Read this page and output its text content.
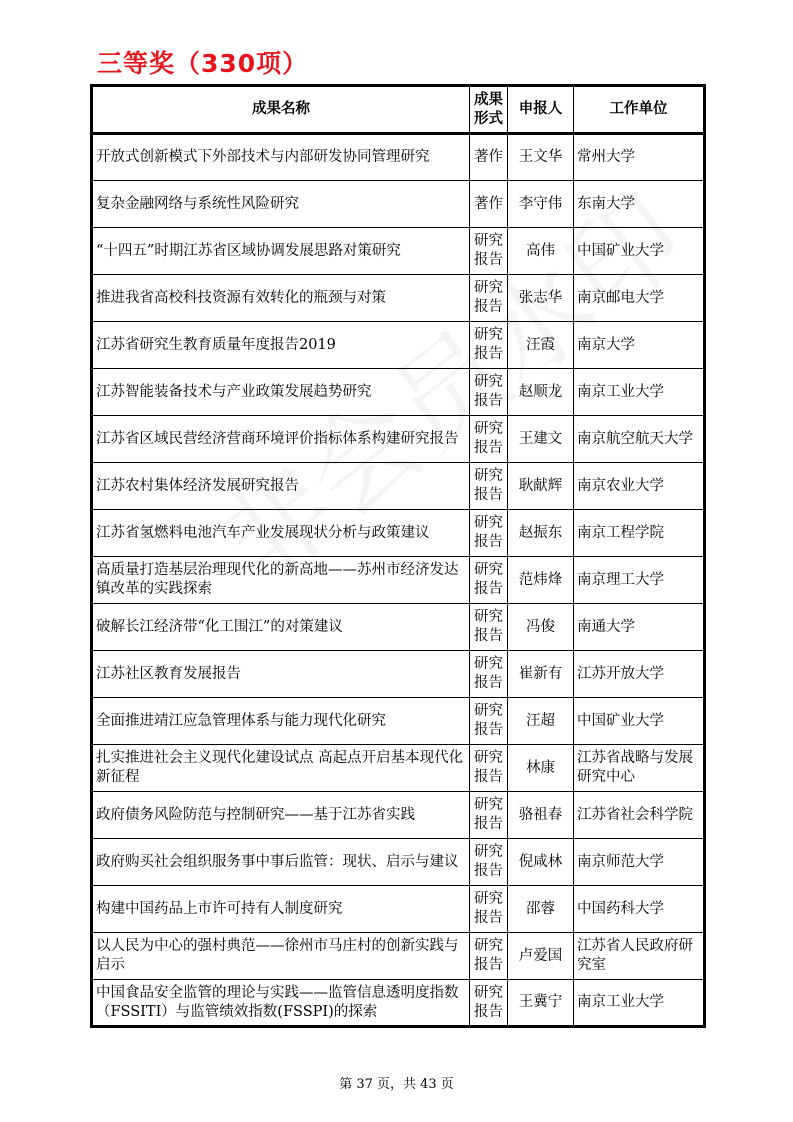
三等奖（330项）
成果名称	成果形式	申报人	工作单位
开放式创新模式下外部技术与内部研发协同管理研究	著作	王文华	常州大学
复杂金融网络与系统性风险研究	著作	李守伟	东南大学
“十四五”时期江苏省区域协调发展思路对策研究	研究报告	高伟	中国矿业大学
推进我省高校科技资源有效转化的瓶颈与对策	研究报告	张志华	南京邮电大学
江苏省研究生教育质量年度报告2019	研究报告	汪霞	南京大学
江苏智能装备技术与产业政策发展趋势研究	研究报告	赵顺龙	南京工业大学
江苏省区域民营经济营商环境评价指标体系构建研究报告	研究报告	王建文	南京航空航天大学
江苏农村集体经济发展研究报告	研究报告	耿献辉	南京农业大学
江苏省氢燃料电池汽车产业发展现状分析与政策建议	研究报告	赵振东	南京工程学院
高质量打造基层治理现代化的新高地——苏州市经济发达镇改革的实践探索	研究报告	范炜烽	南京理工大学
破解长江经济带“化工围江”的对策建议	研究报告	冯俊	南通大学
江苏社区教育发展报告	研究报告	崔新有	江苏开放大学
全面推进靖江应急管理体系与能力现代化研究	研究报告	汪超	中国矿业大学
扎实推进社会主义现代化建设试点 高起点开启基本现代化新征程	研究报告	林康	江苏省战略与发展研究中心
政府债务风险防范与控制研究——基于江苏省实践	研究报告	骆祖春	江苏省社会科学院
政府购买社会组织服务事中事后监管：现状、启示与建议	研究报告	倪咸林	南京师范大学
构建中国药品上市许可持有人制度研究	研究报告	邵蓉	中国药科大学
以人民为中心的强村典范——徐州市马庄村的创新实践与启示	研究报告	卢爱国	江苏省人民政府研究室
中国食品安全监管的理论与实践——监管信息透明度指数（FSSITI）与监管绩效指数(FSSPI)的探索	研究报告	王冀宁	南京工业大学
第 37 页，共 43 页
